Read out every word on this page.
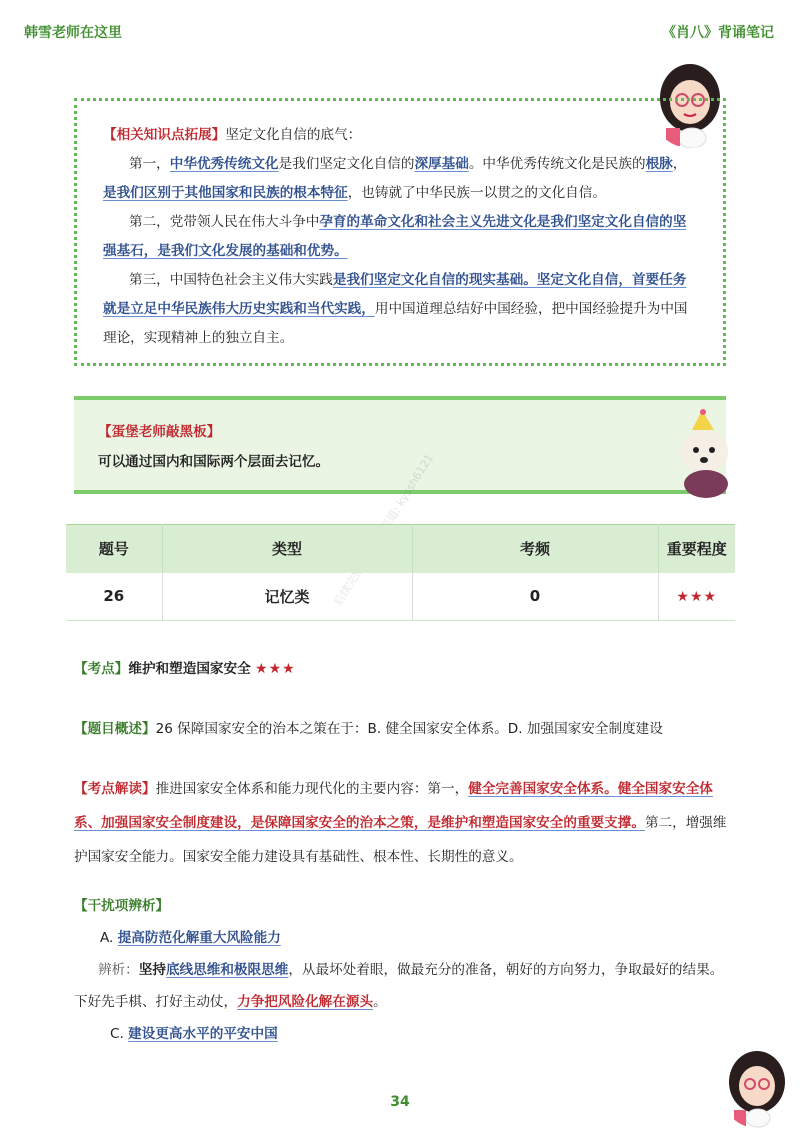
韩雪老师在这里	《肖八》背诵笔记

【相关知识点拓展】坚定文化自信的底气：

第一，中华优秀传统文化是我们坚定文化自信的深厚基础。中华优秀传统文化是民族的根脉，是我们区别于其他国家和民族的根本特征，也铸就了中华民族一以贯之的文化自信。

第二，党带领人民在伟大斗争中孕育的革命文化和社会主义先进文化是我们坚定文化自信的坚强基石，是我们文化发展的基础和优势。

第三，中国特色社会主义伟大实践是我们坚定文化自信的现实基础。坚定文化自信，首要任务就是立足中华民族伟大历史实践和当代实践，用中国道理总结好中国经验，把中国经验提升为中国理论，实现精神上的独立自主。

【蛋堡老师敲黑板】
可以通过国内和国际两个层面去记忆。	kyssh6121
题号	类型	考频	重要程度
26	记忆类	0	★★★
【考点】维护和塑造国家安全 ★★★
【题目概述】26 保障国家安全的治本之策在于：B. 健全国家安全体系。D. 加强国家安全制度建设
【考点解读】推进国家安全体系和能力现代化的主要内容：第一，健全完善国家安全体系。健全国家安全体系、加强国家安全制度建设，是保障国家安全的治本之策，是维护和塑造国家安全的重要支撑。第二，增强维护国家安全能力。国家安全能力建设具有基础性、根本性、长期性的意义。
【干扰项辨析】
A. 提高防范化解重大风险能力
辨析：坚持底线思维和极限思维，从最坏处着眼，做最充分的准备，朝好的方向努力，争取最好的结果。下好先手棋、打好主动仗，力争把风险化解在源头。
C. 建设更高水平的平安中国
34
